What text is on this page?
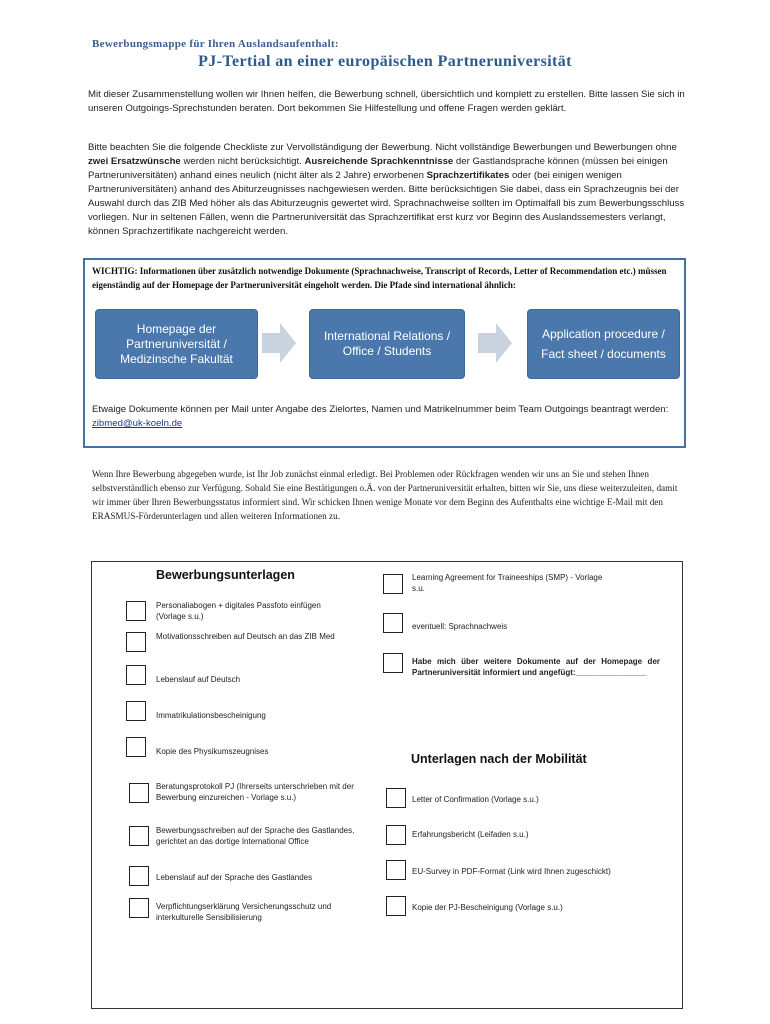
Bewerbungsmappe für Ihren Auslandsaufenthalt:
PJ-Tertial an einer europäischen Partneruniversität
Mit dieser Zusammenstellung wollen wir Ihnen helfen, die Bewerbung schnell, übersichtlich und komplett zu erstellen. Bitte lassen Sie sich in unseren Outgoings-Sprechstunden beraten. Dort bekommen Sie Hilfestellung und offene Fragen werden geklärt.
Bitte beachten Sie die folgende Checkliste zur Vervollständigung der Bewerbung. Nicht vollständige Bewerbungen und Bewerbungen ohne zwei Ersatzwünsche werden nicht berücksichtigt. Ausreichende Sprachkenntnisse der Gastlandsprache können (müssen bei einigen Partneruniversitäten) anhand eines neulich (nicht älter als 2 Jahre) erworbenen Sprachzertifikates oder (bei einigen wenigen Partneruniversitäten) anhand des Abiturzeugnisses nachgewiesen werden. Bitte berücksichtigen Sie dabei, dass ein Sprachzeugnis bei der Auswahl durch das ZIB Med höher als das Abiturzeugnis gewertet wird. Sprachnachweise sollten im Optimalfall bis zum Bewerbungsschluss vorliegen. Nur in seltenen Fällen, wenn die Partneruniversität das Sprachzertifikat erst kurz vor Beginn des Auslandssemesters verlangt, können Sprachzertifikate nachgereicht werden.
WICHTIG: Informationen über zusätzlich notwendige Dokumente (Sprachnachweise, Transcript of Records, Letter of Recommendation etc.) müssen eigenständig auf der Homepage der Partneruniversität eingeholt werden. Die Pfade sind international ähnlich:
Homepage der Partneruniversität / Medizinsche Fakultät
International Relations / Office / Students
Application procedure / Fact sheet / documents
Etwaige Dokumente können per Mail unter Angabe des Zielortes, Namen und Matrikelnummer beim Team Outgoings beantragt werden: zibmed@uk-koeln.de
Wenn Ihre Bewerbung abgegeben wurde, ist Ihr Job zunächst einmal erledigt. Bei Problemen oder Rückfragen wenden wir uns an Sie und stehen Ihnen selbstverständlich ebenso zur Verfügung. Sobald Sie eine Bestätigungen o.Ä. von der Partneruniversität erhalten, bitten wir Sie, uns diese weiterzuleiten, damit wir immer über Ihren Bewerbungsstatus informiert sind. Wir schicken Ihnen wenige Monate vor dem Beginn des Aufenthalts eine wichtige E-Mail mit den ERASMUS-Förderunterlagen und allen weiteren Informationen zu.
Bewerbungsunterlagen
Personaliabogen + digitales Passfoto einfügen (Vorlage s.u.)
Motivationsschreiben auf Deutsch an das ZIB Med
Lebenslauf auf Deutsch
Immatrikulationsbescheinigung
Kopie des Physikumszeugnises
Beratungsprotokoll PJ (Ihrerseits unterschrieben mit der Bewerbung einzureichen - Vorlage s.u.)
Bewerbungsschreiben auf der Sprache des Gastlandes, gerichtet an das dortige International Office
Lebenslauf auf der Sprache des Gastlandes
Verpflichtungserklärung Versicherungsschutz und interkulturelle Sensibilisierung
Learning Agreement for Traineeships (SMP) - Vorlage s.u.
eventuell: Sprachnachweis
Habe mich über weitere Dokumente auf der Homepage der Partneruniversität informiert und angefügt:________________
Unterlagen nach der Mobilität
Letter of Confirmation (Vorlage s.u.)
Erfahrungsbericht (Leifaden s.u.)
EU-Survey in PDF-Format (Link wird Ihnen zugeschickt)
Kopie der PJ-Bescheinigung (Vorlage s.u.)
